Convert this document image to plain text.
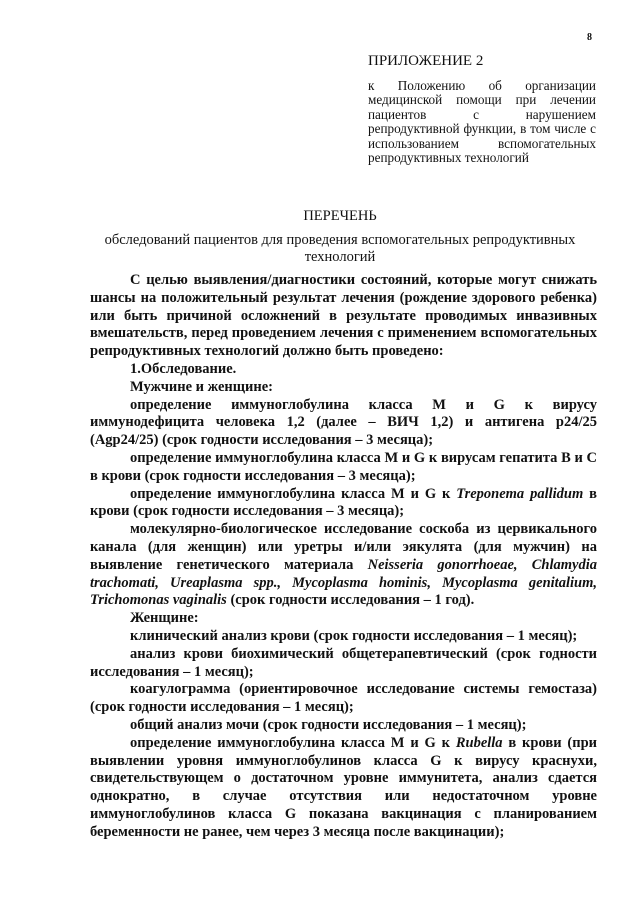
8
ПРИЛОЖЕНИЕ 2
к Положению об организации медицинской помощи при лечении пациентов с нарушением репродуктивной функции, в том числе с использованием вспомогательных репродуктивных технологий
ПЕРЕЧЕНЬ
обследований пациентов для проведения вспомогательных репродуктивных технологий

С целью выявления/диагностики состояний, которые могут снижать шансы на положительный результат лечения (рождение здорового ребенка) или быть причиной осложнений в результате проводимых инвазивных вмешательств, перед проведением лечения с применением вспомогательных репродуктивных технологий должно быть проведено:

1.Обследование.

Мужчине и женщине:

определение иммуноглобулина класса M и G к вирусу иммунодефицита человека 1,2 (далее – ВИЧ 1,2) и антигена p24/25 (Agp24/25) (срок годности исследования – 3 месяца);

определение иммуноглобулина класса M и G к вирусам гепатита B и C в крови (срок годности исследования – 3 месяца);

определение иммуноглобулина класса M и G к Treponema pallidum в крови (срок годности исследования – 3 месяца);

молекулярно-биологическое исследование соскоба из цервикального канала (для женщин) или уретры и/или эякулята (для мужчин) на выявление генетического материала Neisseria gonorrhoeae, Chlamydia trachomati, Ureaplasma spp., Mycoplasma hominis, Mycoplasma genitalium, Trichomonas vaginalis (срок годности исследования – 1 год).

Женщине:

клинический анализ крови (срок годности исследования – 1 месяц);

анализ крови биохимический общетерапевтический (срок годности исследования – 1 месяц);

коагулограмма (ориентировочное исследование системы гемостаза) (срок годности исследования – 1 месяц);

общий анализ мочи (срок годности исследования – 1 месяц);

определение иммуноглобулина класса M и G к Rubella в крови (при выявлении уровня иммуноглобулинов класса G к вирусу краснухи, свидетельствующем о достаточном уровне иммунитета, анализ сдается однократно, в случае отсутствия или недостаточном уровне иммуноглобулинов класса G показана вакцинация с планированием беременности не ранее, чем через 3 месяца после вакцинации);
